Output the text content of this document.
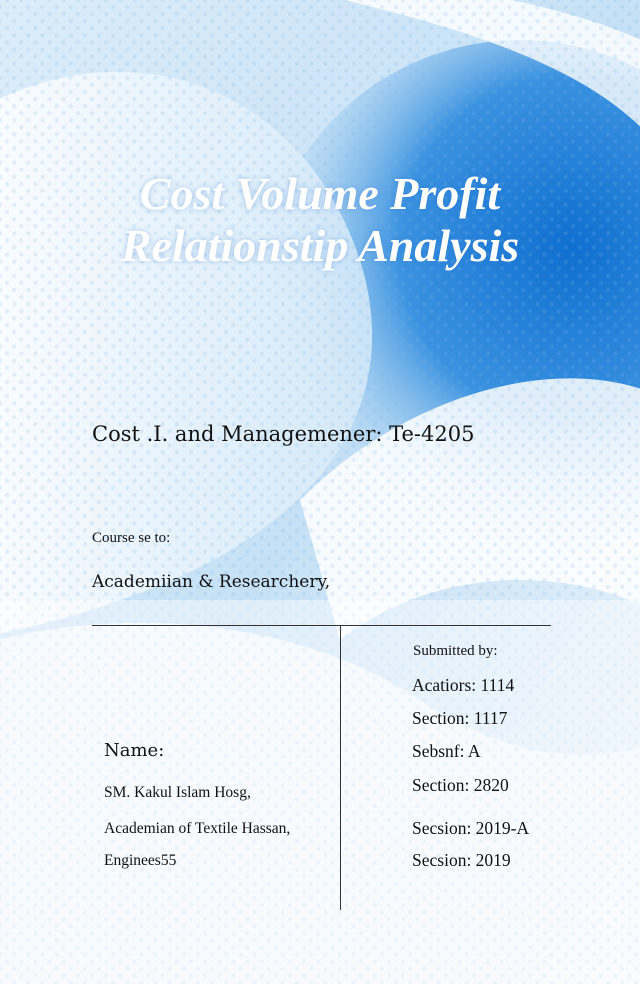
Cost Volume Profit
Relationstip Analysis
Cost .I. and Managemener: Te-4205
Course se to:
Academiian & Researchery,
Name:
SM. Kakul Islam Hosg,
Academian of Textile Hassan,
Enginees55
Submitted by:
Acatiors: 1114
Section: 1117
Sebsnf: A
Section: 2820
Secsion: 2019-A
Secsion: 2019
